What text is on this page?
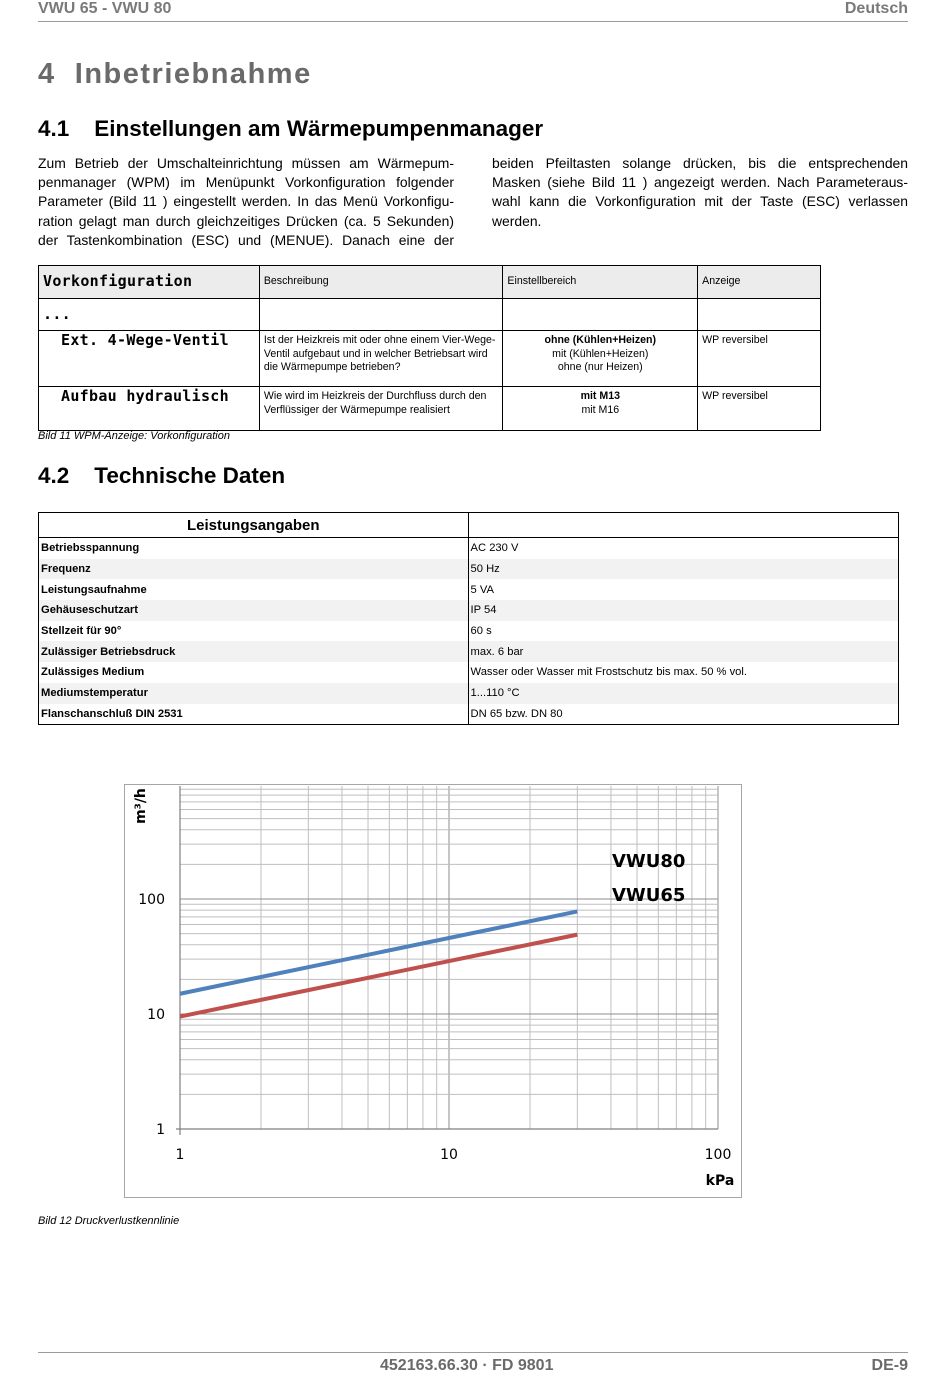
VWU 65 - VWU 80	Deutsch
4 Inbetriebnahme
4.1 Einstellungen am Wärmepumpenmanager
Zum Betrieb der Umschalteinrichtung müssen am Wärmepum-
penmanager (WPM) im Menüpunkt Vorkonfiguration folgender
Parameter (Bild 11 ) eingestellt werden. In das Menü Vorkonfigu-
ration gelagt man durch gleichzeitiges Drücken (ca. 5 Sekunden)
der Tastenkombination (ESC) und (MENUE). Danach eine der
beiden Pfeiltasten solange drücken, bis die entsprechenden
Masken (siehe Bild 11 ) angezeigt werden. Nach Parameteraus-
wahl kann die Vorkonfiguration mit der Taste (ESC) verlassen
werden.
Vorkonfiguration	Beschreibung	Einstellbereich	Anzeige
...			
Ext. 4-Wege-Ventil	Ist der Heizkreis mit oder ohne einem Vier-Wege-Ventil aufgebaut und in welcher Betriebsart wird die Wärmepumpe betrieben?	ohne (Kühlen+Heizen)
mit (Kühlen+Heizen)
ohne (nur Heizen)	WP reversibel
Aufbau hydraulisch	Wie wird im Heizkreis der Durchfluss durch den Verflüssiger der Wärmepumpe realisiert	mit M13
mit M16	WP reversibel
Bild 11 WPM-Anzeige: Vorkonfiguration
4.2 Technische Daten
Leistungsangaben	
Betriebsspannung	AC 230 V
Frequenz	50 Hz
Leistungsaufnahme	5 VA
Gehäuseschutzart	IP 54
Stellzeit für 90°	60 s
Zulässiger Betriebsdruck	max. 6 bar
Zulässiges Medium	Wasser oder Wasser mit Frostschutz bis max. 50 % vol.
Mediumstemperatur	1...110 °C
Flanschanschluß DIN 2531	DN 65 bzw. DN 80
VWU80
VWU65
1
10
100
1	10	100
kPa
m³/h
Bild 12 Druckverlustkennlinie
452163.66.30 · FD 9801	DE-9
